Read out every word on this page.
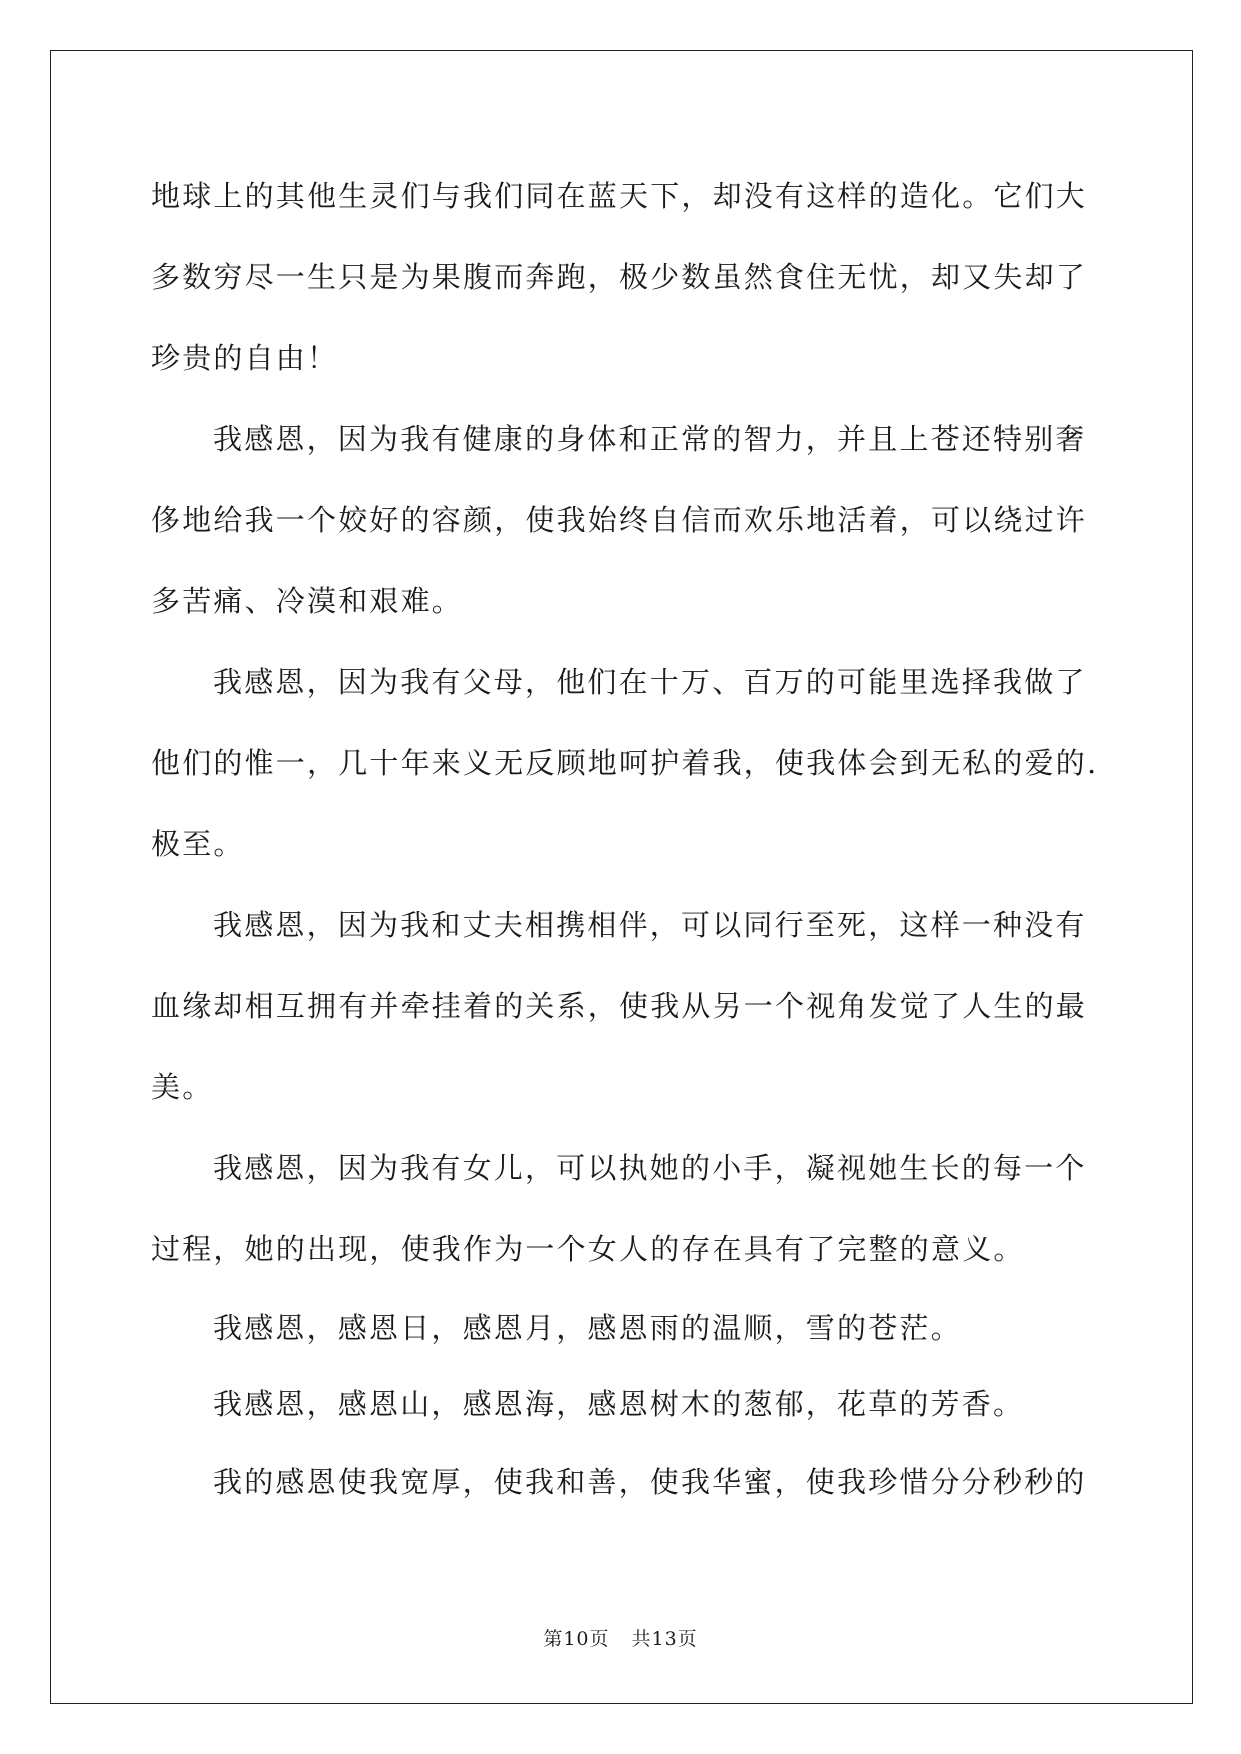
地球上的其他生灵们与我们同在蓝天下，却没有这样的造化。它们大
多数穷尽一生只是为果腹而奔跑，极少数虽然食住无忧，却又失却了
珍贵的自由！
我感恩，因为我有健康的身体和正常的智力，并且上苍还特别奢
侈地给我一个姣好的容颜，使我始终自信而欢乐地活着，可以绕过许
多苦痛、冷漠和艰难。
我感恩，因为我有父母，他们在十万、百万的可能里选择我做了
他们的惟一，几十年来义无反顾地呵护着我，使我体会到无私的爱的.
极至。
我感恩，因为我和丈夫相携相伴，可以同行至死，这样一种没有
血缘却相互拥有并牵挂着的关系，使我从另一个视角发觉了人生的最
美。
我感恩，因为我有女儿，可以执她的小手，凝视她生长的每一个
过程，她的出现，使我作为一个女人的存在具有了完整的意义。
我感恩，感恩日，感恩月，感恩雨的温顺，雪的苍茫。
我感恩，感恩山，感恩海，感恩树木的葱郁，花草的芳香。
我的感恩使我宽厚，使我和善，使我华蜜，使我珍惜分分秒秒的
第10页 共13页
